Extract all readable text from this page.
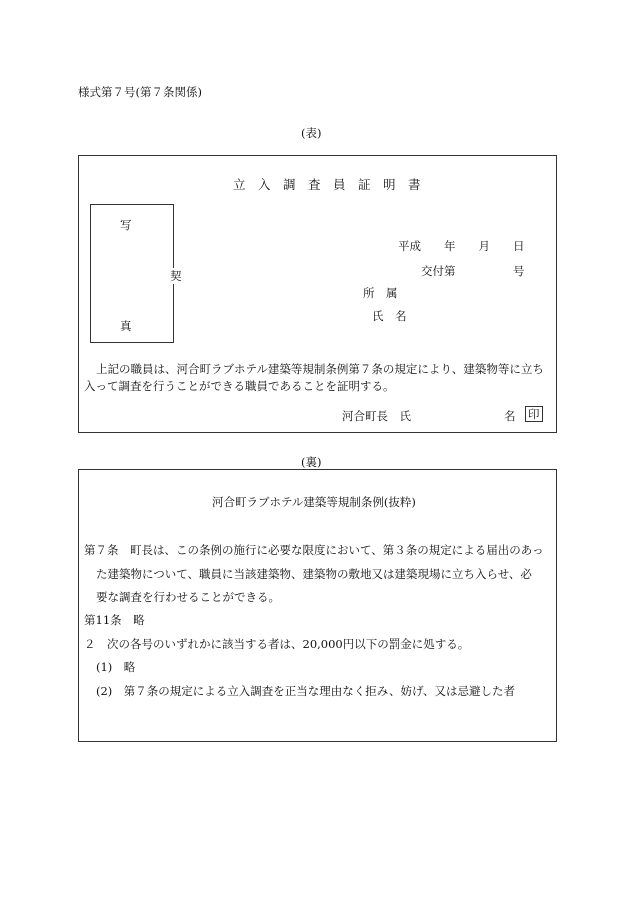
様式第７号(第７条関係)
(表)
立　入　調　査　員　証　明　書
写
真
契
平成　　年　　月　　日
交付第　　　　　号
所　属
氏　名
上記の職員は、河合町ラブホテル建築等規制条例第７条の規定により、建築物等に立ち
入って調査を行うことができる職員であることを証明する。
河合町長　氏	名 印
(裏)
河合町ラブホテル建築等規制条例(抜粋)
第７条　町長は、この条例の施行に必要な限度において、第３条の規定による届出のあっ
た建築物について、職員に当該建築物、建築物の敷地又は建築現場に立ち入らせ、必
要な調査を行わせることができる。
第11条　略
２　次の各号のいずれかに該当する者は、20,000円以下の罰金に処する。
(1)　略
(2)　第７条の規定による立入調査を正当な理由なく拒み、妨げ、又は忌避した者
